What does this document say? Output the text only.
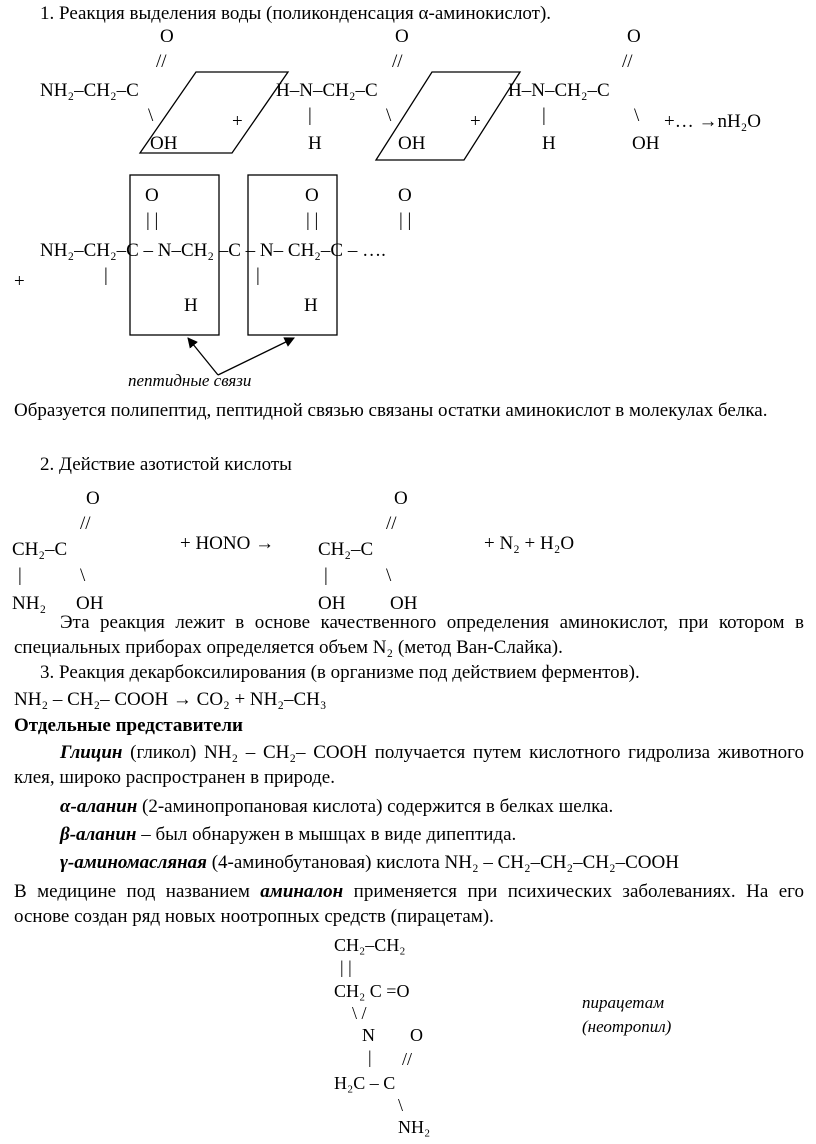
1. Реакция выделения воды (поликонденсация α-аминокислот).
O
//
NH₂–CH₂–C
\
OH
+
O
//
H–N–CH₂–C
|	\
H	OH
+
O
//
H–N–CH₂–C
|	\
H	OH
+… →nH₂O
O	O	O
| |	| |	| |
NH₂–CH₂–C – N–CH₂ –C – N– CH₂–C – ….
+	|	|
H	H
пептидные связи
Образуется полипептид, пептидной связью связаны остатки аминокислот в молекулах белка.
2. Действие азотистой кислоты
O
//
CH₂–C
|	\
NH₂ OH
+ HONO →
O
//
CH₂–C
|	\
OH OH
+ N₂ + H₂O
Эта реакция лежит в основе качественного определения аминокислот, при котором в специальных приборах определяется объем N₂ (метод Ван-Слайка).
3. Реакция декарбоксилирования (в организме под действием ферментов).
NH₂ – CH₂– COOH → CO₂ + NH₂–CH₃
Отдельные представители
Глицин (гликол) NH₂ – CH₂– COOH получается путем кислотного гидролиза животного клея, широко распространен в природе.
α-аланин (2-аминопропановая кислота) содержится в белках шелка.
β-аланин – был обнаружен в мышцах в виде дипептида.
γ-аминомасляная (4-аминобутановая) кислота NH₂ – CH₂–CH₂–CH₂–COOH
В медицине под названием аминалон применяется при психических заболеваниях. На его основе создан ряд новых ноотропных средств (пирацетам).
CH₂–CH₂
| |
CH₂ C =O
\ /
N O
| //
H₂C – C
\
NH₂
пирацетам
(неотропил)
